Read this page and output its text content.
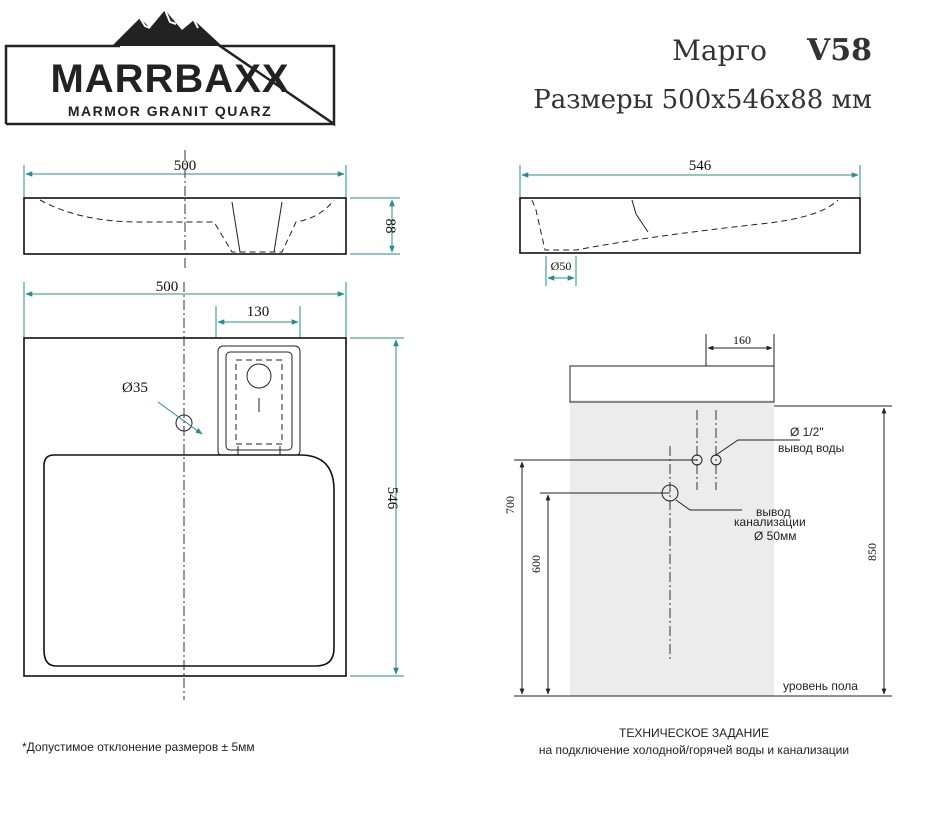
MARRBAXX
MARMOR GRANIT QUARZ
Марго V58
Размеры 500х546х88 мм
500
88
546
Ø50
500
130
Ø35
546
160
Ø 1/2"
вывод воды
вывод
канализации
Ø 50мм
700
600
850
уровень пола
ТЕХНИЧЕСКОЕ ЗАДАНИЕ
на подключение холодной/горячей воды и канализации
*Допустимое отклонение размеров ± 5мм
